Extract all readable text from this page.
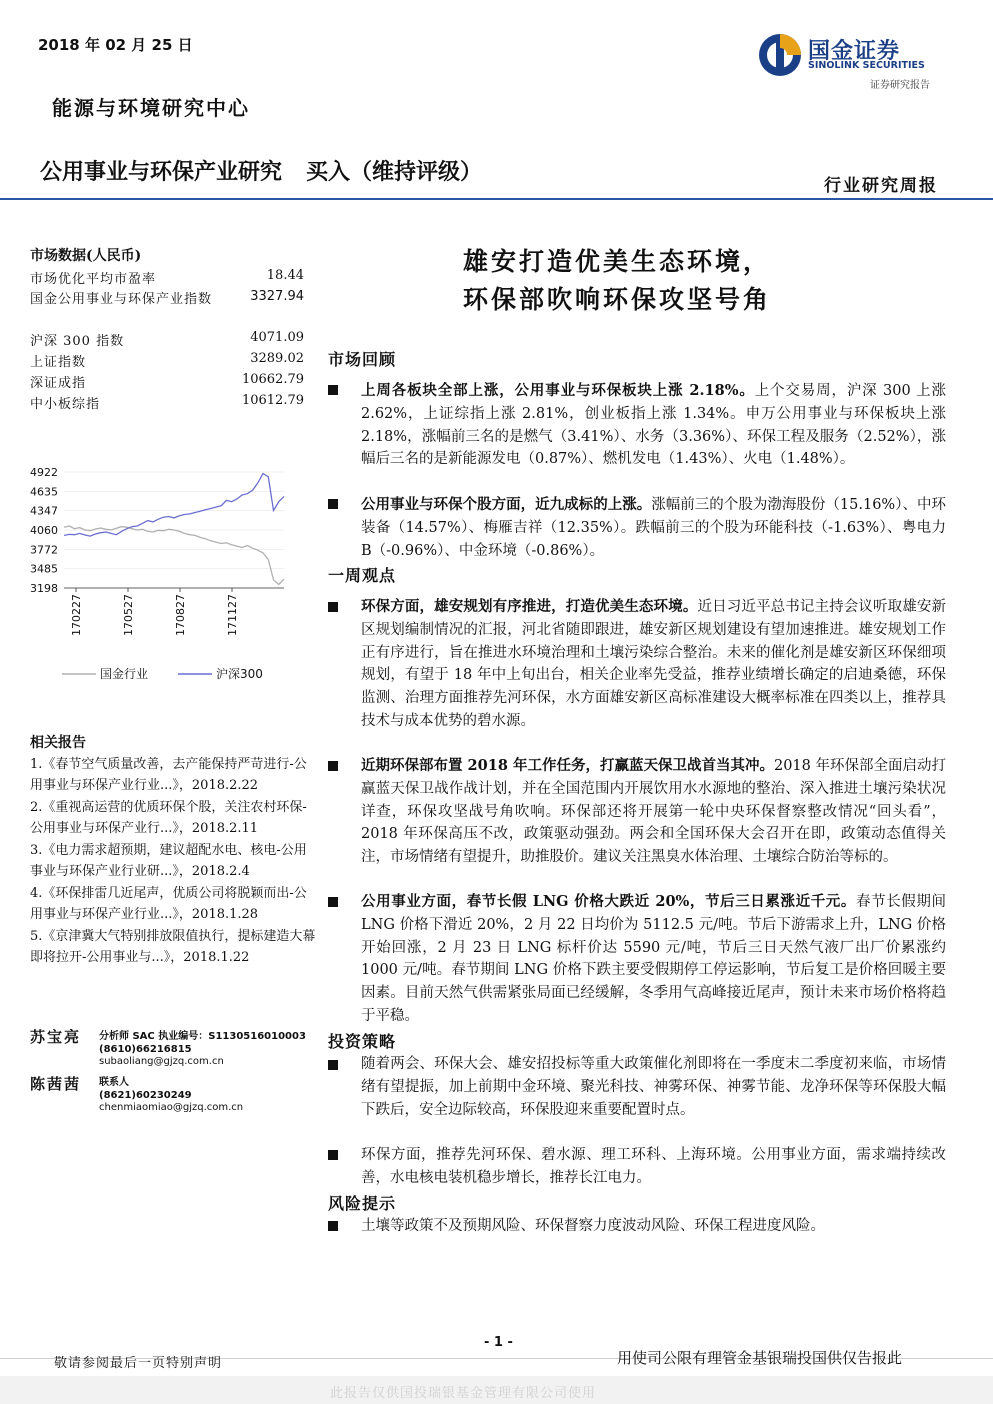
2018 年 02 月 25 日
能源与环境研究中心
公用事业与环保产业研究 买入（维持评级）
行业研究周报
国金证券
SINOLINK SECURITIES
证券研究报告
市场数据(人民币)
市场优化平均市盈率	18.44
国金公用事业与环保产业指数	3327.94
沪深 300 指数	4071.09
上证指数	3289.02
深证成指	10662.79
中小板综指	10612.79
4922
4635
4347
4060
3772
3485
3198
170227	170527	170827	171127
国金行业	沪深300
相关报告
1.《春节空气质量改善，去产能保持严苛进行-公用事业与环保产业行业...》，2018.2.22
2.《重视高运营的优质环保个股，关注农村环保-公用事业与环保产业行...》，2018.2.11
3.《电力需求超预期，建议超配水电、核电-公用事业与环保产业行业研...》，2018.2.4
4.《环保排雷几近尾声，优质公司将脱颖而出-公用事业与环保产业行业...》，2018.1.28
5.《京津冀大气特别排放限值执行，提标建造大幕即将拉开-公用事业与...》，2018.1.22
苏宝亮 分析师 SAC 执业编号：S1130516010003
(8610)66216815
subaoliang@gjzq.com.cn
陈茜茜 联系人
(8621)60230249
chenmiaomiao@gjzq.com.cn
雄安打造优美生态环境，
环保部吹响环保攻坚号角
市场回顾
上周各板块全部上涨，公用事业与环保板块上涨 2.18%。上个交易周，沪深 300 上涨 2.62%，上证综指上涨 2.81%，创业板指上涨 1.34%。申万公用事业与环保板块上涨 2.18%，涨幅前三名的是燃气（3.41%）、水务（3.36%）、环保工程及服务（2.52%），涨幅后三名的是新能源发电（0.87%）、燃机发电（1.43%）、火电（1.48%）。
公用事业与环保个股方面，近九成标的上涨。涨幅前三的个股为渤海股份（15.16%）、中环装备（14.57%）、梅雁吉祥（12.35%）。跌幅前三的个股为环能科技（-1.63%）、粤电力 B（-0.96%）、中金环境（-0.86%）。
一周观点
环保方面，雄安规划有序推进，打造优美生态环境。近日习近平总书记主持会议听取雄安新区规划编制情况的汇报，河北省随即跟进，雄安新区规划建设有望加速推进。雄安规划工作正有序进行，旨在推进水环境治理和土壤污染综合整治。未来的催化剂是雄安新区环保细项规划，有望于 18 年中上旬出台，相关企业率先受益，推荐业绩增长确定的启迪桑德，环保监测、治理方面推荐先河环保，水方面雄安新区高标准建设大概率标准在四类以上，推荐具技术与成本优势的碧水源。
近期环保部布置 2018 年工作任务，打赢蓝天保卫战首当其冲。2018 年环保部全面启动打赢蓝天保卫战作战计划，并在全国范围内开展饮用水水源地的整治、深入推进土壤污染状况详查，环保攻坚战号角吹响。环保部还将开展第一轮中央环保督察整改情况“回头看”，2018 年环保高压不改，政策驱动强劲。两会和全国环保大会召开在即，政策动态值得关注，市场情绪有望提升，助推股价。建议关注黑臭水体治理、土壤综合防治等标的。
公用事业方面，春节长假 LNG 价格大跌近 20%，节后三日累涨近千元。春节长假期间 LNG 价格下滑近 20%，2 月 22 日均价为 5112.5 元/吨。节后下游需求上升，LNG 价格开始回涨，2 月 23 日 LNG 标杆价达 5590 元/吨，节后三日天然气液厂出厂价累涨约 1000 元/吨。春节期间 LNG 价格下跌主要受假期停工停运影响，节后复工是价格回暖主要因素。目前天然气供需紧张局面已经缓解，冬季用气高峰接近尾声，预计未来市场价格将趋于平稳。
投资策略
随着两会、环保大会、雄安招投标等重大政策催化剂即将在一季度末二季度初来临，市场情绪有望提振，加上前期中金环境、聚光科技、神雾环保、神雾节能、龙净环保等环保股大幅下跌后，安全边际较高，环保股迎来重要配置时点。
环保方面，推荐先河环保、碧水源、理工环科、上海环境。公用事业方面，需求端持续改善，水电核电装机稳步增长，推荐长江电力。
风险提示
土壤等政策不及预期风险、环保督察力度波动风险、环保工程进度风险。
- 1 -
敬请参阅最后一页特别声明	用使司公限有理管金基银瑞投国供仅告报此
此报告仅供国投瑞银基金管理有限公司使用
